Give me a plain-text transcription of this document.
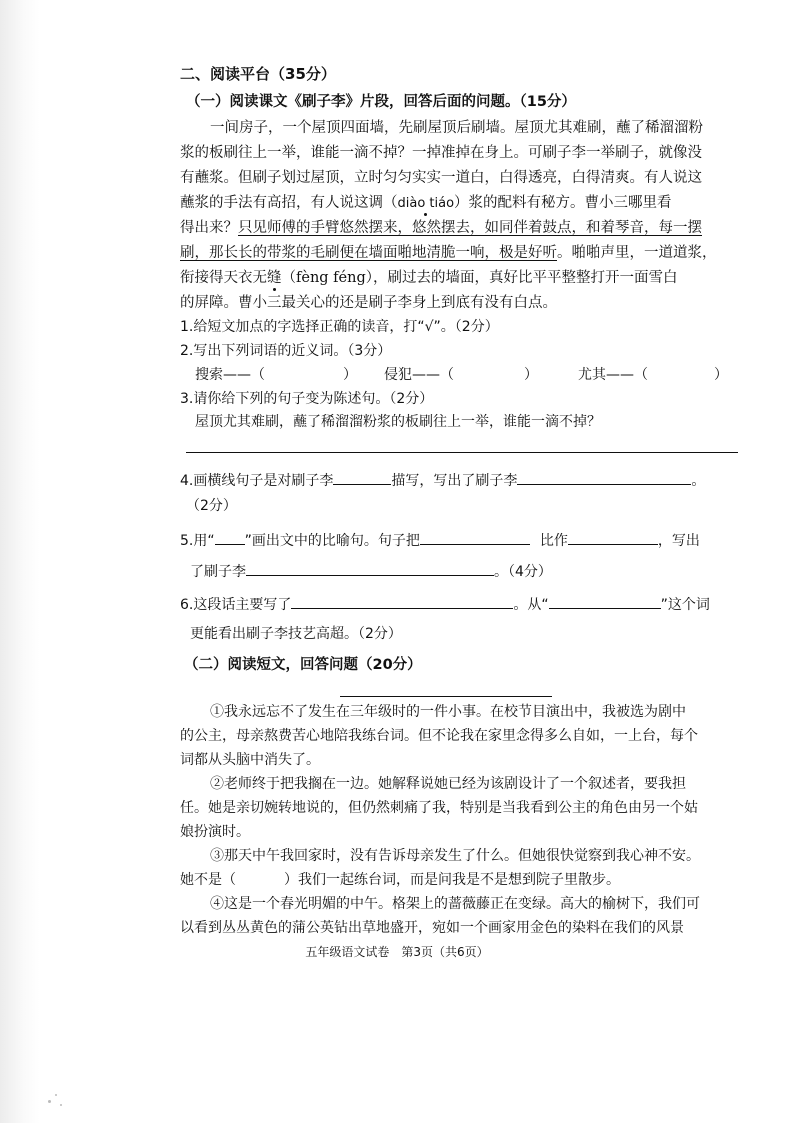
二、阅读平台（35分）
（一）阅读课文《刷子李》片段，回答后面的问题。（15分）
一间房子，一个屋顶四面墙，先刷屋顶后刷墙。屋顶尤其难刷，蘸了稀溜溜粉
浆的板刷往上一举，谁能一滴不掉？一掉准掉在身上。可刷子李一举刷子，就像没
有蘸浆。但刷子划过屋顶，立时匀匀实实一道白，白得透亮，白得清爽。有人说这
蘸浆的手法有高招，有人说这调（diào tiáo）浆的配料有秘方。曹小三哪里看
得出来？只见师傅的手臂悠然摆来，悠然摆去，如同伴着鼓点，和着琴音，每一摆
刷，那长长的带浆的毛刷便在墙面啪地清脆一响，极是好听。啪啪声里，一道道浆，
衔接得天衣无缝（fèng féng），刷过去的墙面，真好比平平整整打开一面雪白
的屏障。曹小三最关心的还是刷子李身上到底有没有白点。
1.给短文加点的字选择正确的读音，打“√”。（2分）
2.写出下列词语的近义词。（3分）
搜索——（	） 侵犯——（	）	尤其——（	）
3.请你给下列的句子变为陈述句。（2分）
屋顶尤其难刷，蘸了稀溜溜粉浆的板刷往上一举，谁能一滴不掉？
4.画横线句子是对刷子李	描写，写出了刷子李	。
（2分）
5.用“ ”画出文中的比喻句。句子把	比作	，写出
了刷子李	。（4分）
6.这段话主要写了	。从“	”这个词
更能看出刷子李技艺高超。（2分）
（二）阅读短文，回答问题（20分）
①我永远忘不了发生在三年级时的一件小事。在校节目演出中，我被选为剧中
的公主，母亲熬费苦心地陪我练台词。但不论我在家里念得多么自如，一上台，每个
词都从头脑中消失了。
②老师终于把我搁在一边。她解释说她已经为该剧设计了一个叙述者，要我担
任。她是亲切婉转地说的，但仍然刺痛了我，特别是当我看到公主的角色由另一个姑
娘扮演时。
③那天中午我回家时，没有告诉母亲发生了什么。但她很快觉察到我心神不安。
她不是（	）我们一起练台词，而是问我是不是想到院子里散步。
④这是一个春光明媚的中午。格架上的蔷薇藤正在变绿。高大的榆树下，我们可
以看到丛丛黄色的蒲公英钻出草地盛开，宛如一个画家用金色的染料在我们的风景
五年级语文试卷　第3页（共6页）
